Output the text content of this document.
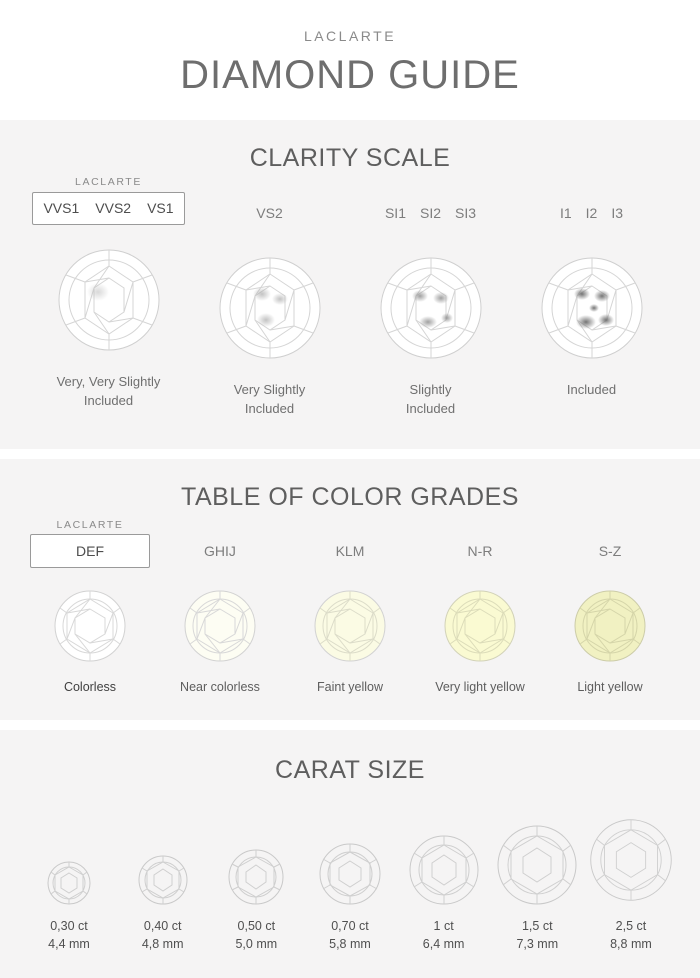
LACLARTE
DIAMOND GUIDE
CLARITY SCALE
LACLARTE
VVS1 VVS2 VS1
Very, Very Slightly
Included
VS2
Very Slightly
Included
SI1 SI2 SI3
Slightly
Included
I1 I2 I3
Included
TABLE OF COLOR GRADES
LACLARTE
DEF
Colorless
GHIJ
Near colorless
KLM
Faint yellow
N-R
Very light yellow
S-Z
Light yellow
CARAT SIZE
0,30 ct
4,4 mm
0,40 ct
4,8 mm
0,50 ct
5,0 mm
0,70 ct
5,8 mm
1 ct
6,4 mm
1,5 ct
7,3 mm
2,5 ct
8,8 mm
